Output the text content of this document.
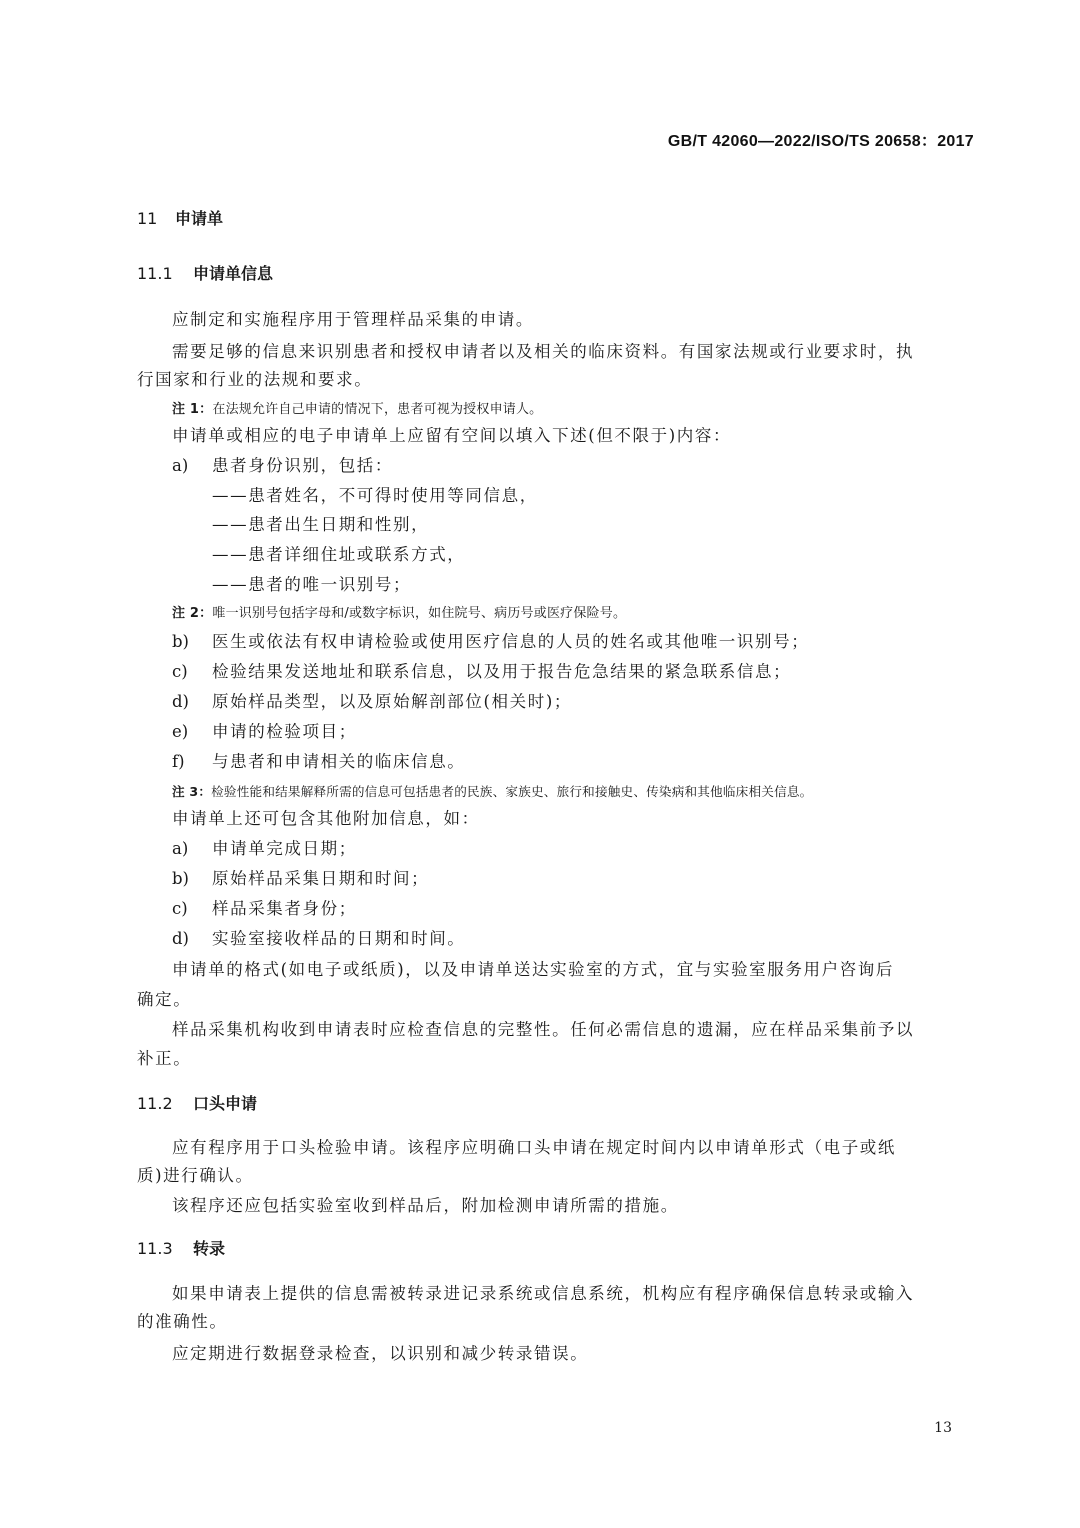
GB/T 42060—2022/ISO/TS 20658：2017
11 申请单
11.1 申请单信息
应制定和实施程序用于管理样品采集的申请。
需要足够的信息来识别患者和授权申请者以及相关的临床资料。有国家法规或行业要求时，执
行国家和行业的法规和要求。
注 1：在法规允许自己申请的情况下，患者可视为授权申请人。
申请单或相应的电子申请单上应留有空间以填入下述(但不限于)内容：
a) 患者身份识别，包括：
——患者姓名，不可得时使用等同信息，
——患者出生日期和性别，
——患者详细住址或联系方式，
——患者的唯一识别号；
注 2：唯一识别号包括字母和/或数字标识，如住院号、病历号或医疗保险号。
b) 医生或依法有权申请检验或使用医疗信息的人员的姓名或其他唯一识别号；
c) 检验结果发送地址和联系信息，以及用于报告危急结果的紧急联系信息；
d) 原始样品类型，以及原始解剖部位(相关时)；
e) 申请的检验项目；
f) 与患者和申请相关的临床信息。
注 3：检验性能和结果解释所需的信息可包括患者的民族、家族史、旅行和接触史、传染病和其他临床相关信息。
申请单上还可包含其他附加信息，如：
a) 申请单完成日期；
b) 原始样品采集日期和时间；
c) 样品采集者身份；
d) 实验室接收样品的日期和时间。
申请单的格式(如电子或纸质)，以及申请单送达实验室的方式，宜与实验室服务用户咨询后
确定。
样品采集机构收到申请表时应检查信息的完整性。任何必需信息的遗漏，应在样品采集前予以
补正。
11.2 口头申请
应有程序用于口头检验申请。该程序应明确口头申请在规定时间内以申请单形式（电子或纸
质)进行确认。
该程序还应包括实验室收到样品后，附加检测申请所需的措施。
11.3 转录
如果申请表上提供的信息需被转录进记录系统或信息系统，机构应有程序确保信息转录或输入
的准确性。
应定期进行数据登录检查，以识别和减少转录错误。
13
